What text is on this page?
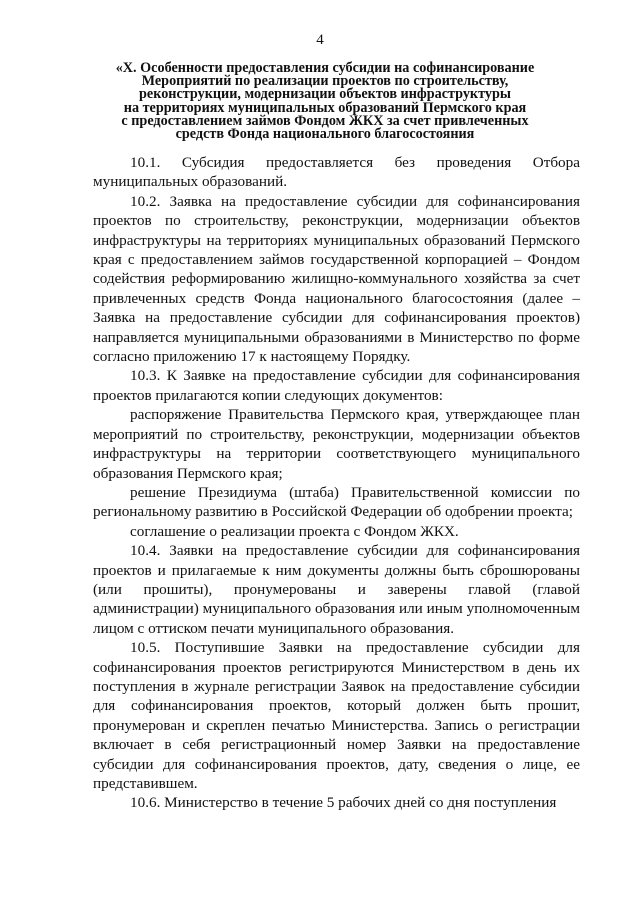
4
«X. Особенности предоставления субсидии на софинансирование
Мероприятий по реализации проектов по строительству,
реконструкции, модернизации объектов инфраструктуры
на территориях муниципальных образований Пермского края
с предоставлением займов Фондом ЖКХ за счет привлеченных
средств Фонда национального благосостояния

10.1. Субсидия предоставляется без проведения Отбора муниципальных образований.

10.2. Заявка на предоставление субсидии для софинансирования проектов по строительству, реконструкции, модернизации объектов инфраструктуры на территориях муниципальных образований Пермского края с предоставлением займов государственной корпорацией – Фондом содействия реформированию жилищно-коммунального хозяйства за счет привлеченных средств Фонда национального благосостояния (далее – Заявка на предоставление субсидии для софинансирования проектов) направляется муниципальными образованиями в Министерство по форме согласно приложению 17 к настоящему Порядку.

10.3. К Заявке на предоставление субсидии для софинансирования проектов прилагаются копии следующих документов:

распоряжение Правительства Пермского края, утверждающее план мероприятий по строительству, реконструкции, модернизации объектов инфраструктуры на территории соответствующего муниципального образования Пермского края;

решение Президиума (штаба) Правительственной комиссии по региональному развитию в Российской Федерации об одобрении проекта;

соглашение о реализации проекта с Фондом ЖКХ.

10.4. Заявки на предоставление субсидии для софинансирования проектов и прилагаемые к ним документы должны быть сброшюрованы (или прошиты), пронумерованы и заверены главой (главой администрации) муниципального образования или иным уполномоченным лицом с оттиском печати муниципального образования.

10.5. Поступившие Заявки на предоставление субсидии для софинансирования проектов регистрируются Министерством в день их поступления в журнале регистрации Заявок на предоставление субсидии для софинансирования проектов, который должен быть прошит, пронумерован и скреплен печатью Министерства. Запись о регистрации включает в себя регистрационный номер Заявки на предоставление субсидии для софинансирования проектов, дату, сведения о лице, ее представившем.

10.6. Министерство в течение 5 рабочих дней со дня поступления
